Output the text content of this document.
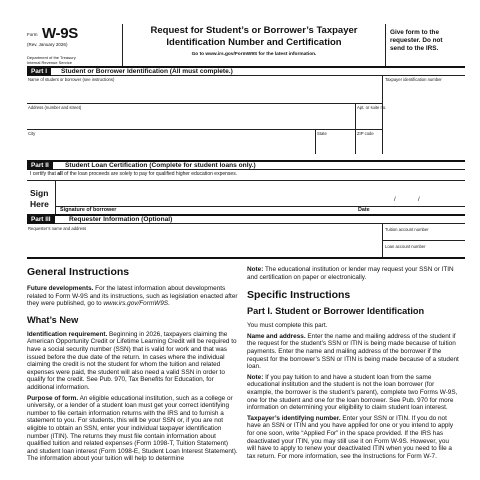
Form W-9S
(Rev. January 2026)
Department of the Treasury
Internal Revenue Service
Request for Student’s or Borrower’s Taxpayer
Identification Number and Certification
Go to www.irs.gov/FormW9S for the latest information.
Give form to the
requester. Do not
send to the IRS.
Part I	Student or Borrower Identification (All must complete.)
Name of student or borrower (see instructions)	Taxpayer identification number
Address (number and street)	Apt. or suite no.
City	State	ZIP code
Part II	Student Loan Certification (Complete for student loans only.)
I certify that all of the loan proceeds are solely to pay for qualified higher education expenses.
Sign
Here	/	/
Signature of borrower	Date
Part III	Requester Information (Optional)
Requester’s name and address	Tuition account number
Loan account number
General Instructions
Future developments. For the latest information about developments related to Form W-9S and its instructions, such as legislation enacted after they were published, go to www.irs.gov/FormW9S.
What’s New
Identification requirement. Beginning in 2026, taxpayers claiming the American Opportunity Credit or Lifetime Learning Credit will be required to have a social security number (SSN) that is valid for work and that was issued before the due date of the return. In cases where the individual claiming the credit is not the student for whom the tuition and related expenses were paid, the student will also need a valid SSN in order to qualify for the credit. See Pub. 970, Tax Benefits for Education, for additional information.
Purpose of form. An eligible educational institution, such as a college or university, or a lender of a student loan must get your correct identifying number to file certain information returns with the IRS and to furnish a statement to you. For students, this will be your SSN or, if you are not eligible to obtain an SSN, enter your individual taxpayer identification number (ITIN). The returns they must file contain information about qualified tuition and related expenses (Form 1098-T, Tuition Statement) and student loan interest (Form 1098-E, Student Loan Interest Statement). The information about your tuition will help to determine
Note: The educational institution or lender may request your SSN or ITIN and certification on paper or electronically.
Specific Instructions
Part I. Student or Borrower Identification
You must complete this part.
Name and address. Enter the name and mailing address of the student if the request for the student’s SSN or ITIN is being made because of tuition payments. Enter the name and mailing address of the borrower if the request for the borrower’s SSN or ITIN is being made because of a student loan.
Note: If you pay tuition to and have a student loan from the same educational institution and the student is not the loan borrower (for example, the borrower is the student’s parent), complete two Forms W-9S, one for the student and one for the loan borrower. See Pub. 970 for more information on determining your eligibility to claim student loan interest.
Taxpayer’s identifying number. Enter your SSN or ITIN. If you do not have an SSN or ITIN and you have applied for one or you intend to apply for one soon, write “Applied For” in the space provided. If the IRS has deactivated your ITIN, you may still use it on Form W-9S. However, you will have to apply to renew your deactivated ITIN when you need to file a tax return. For more information, see the Instructions for Form W-7.
